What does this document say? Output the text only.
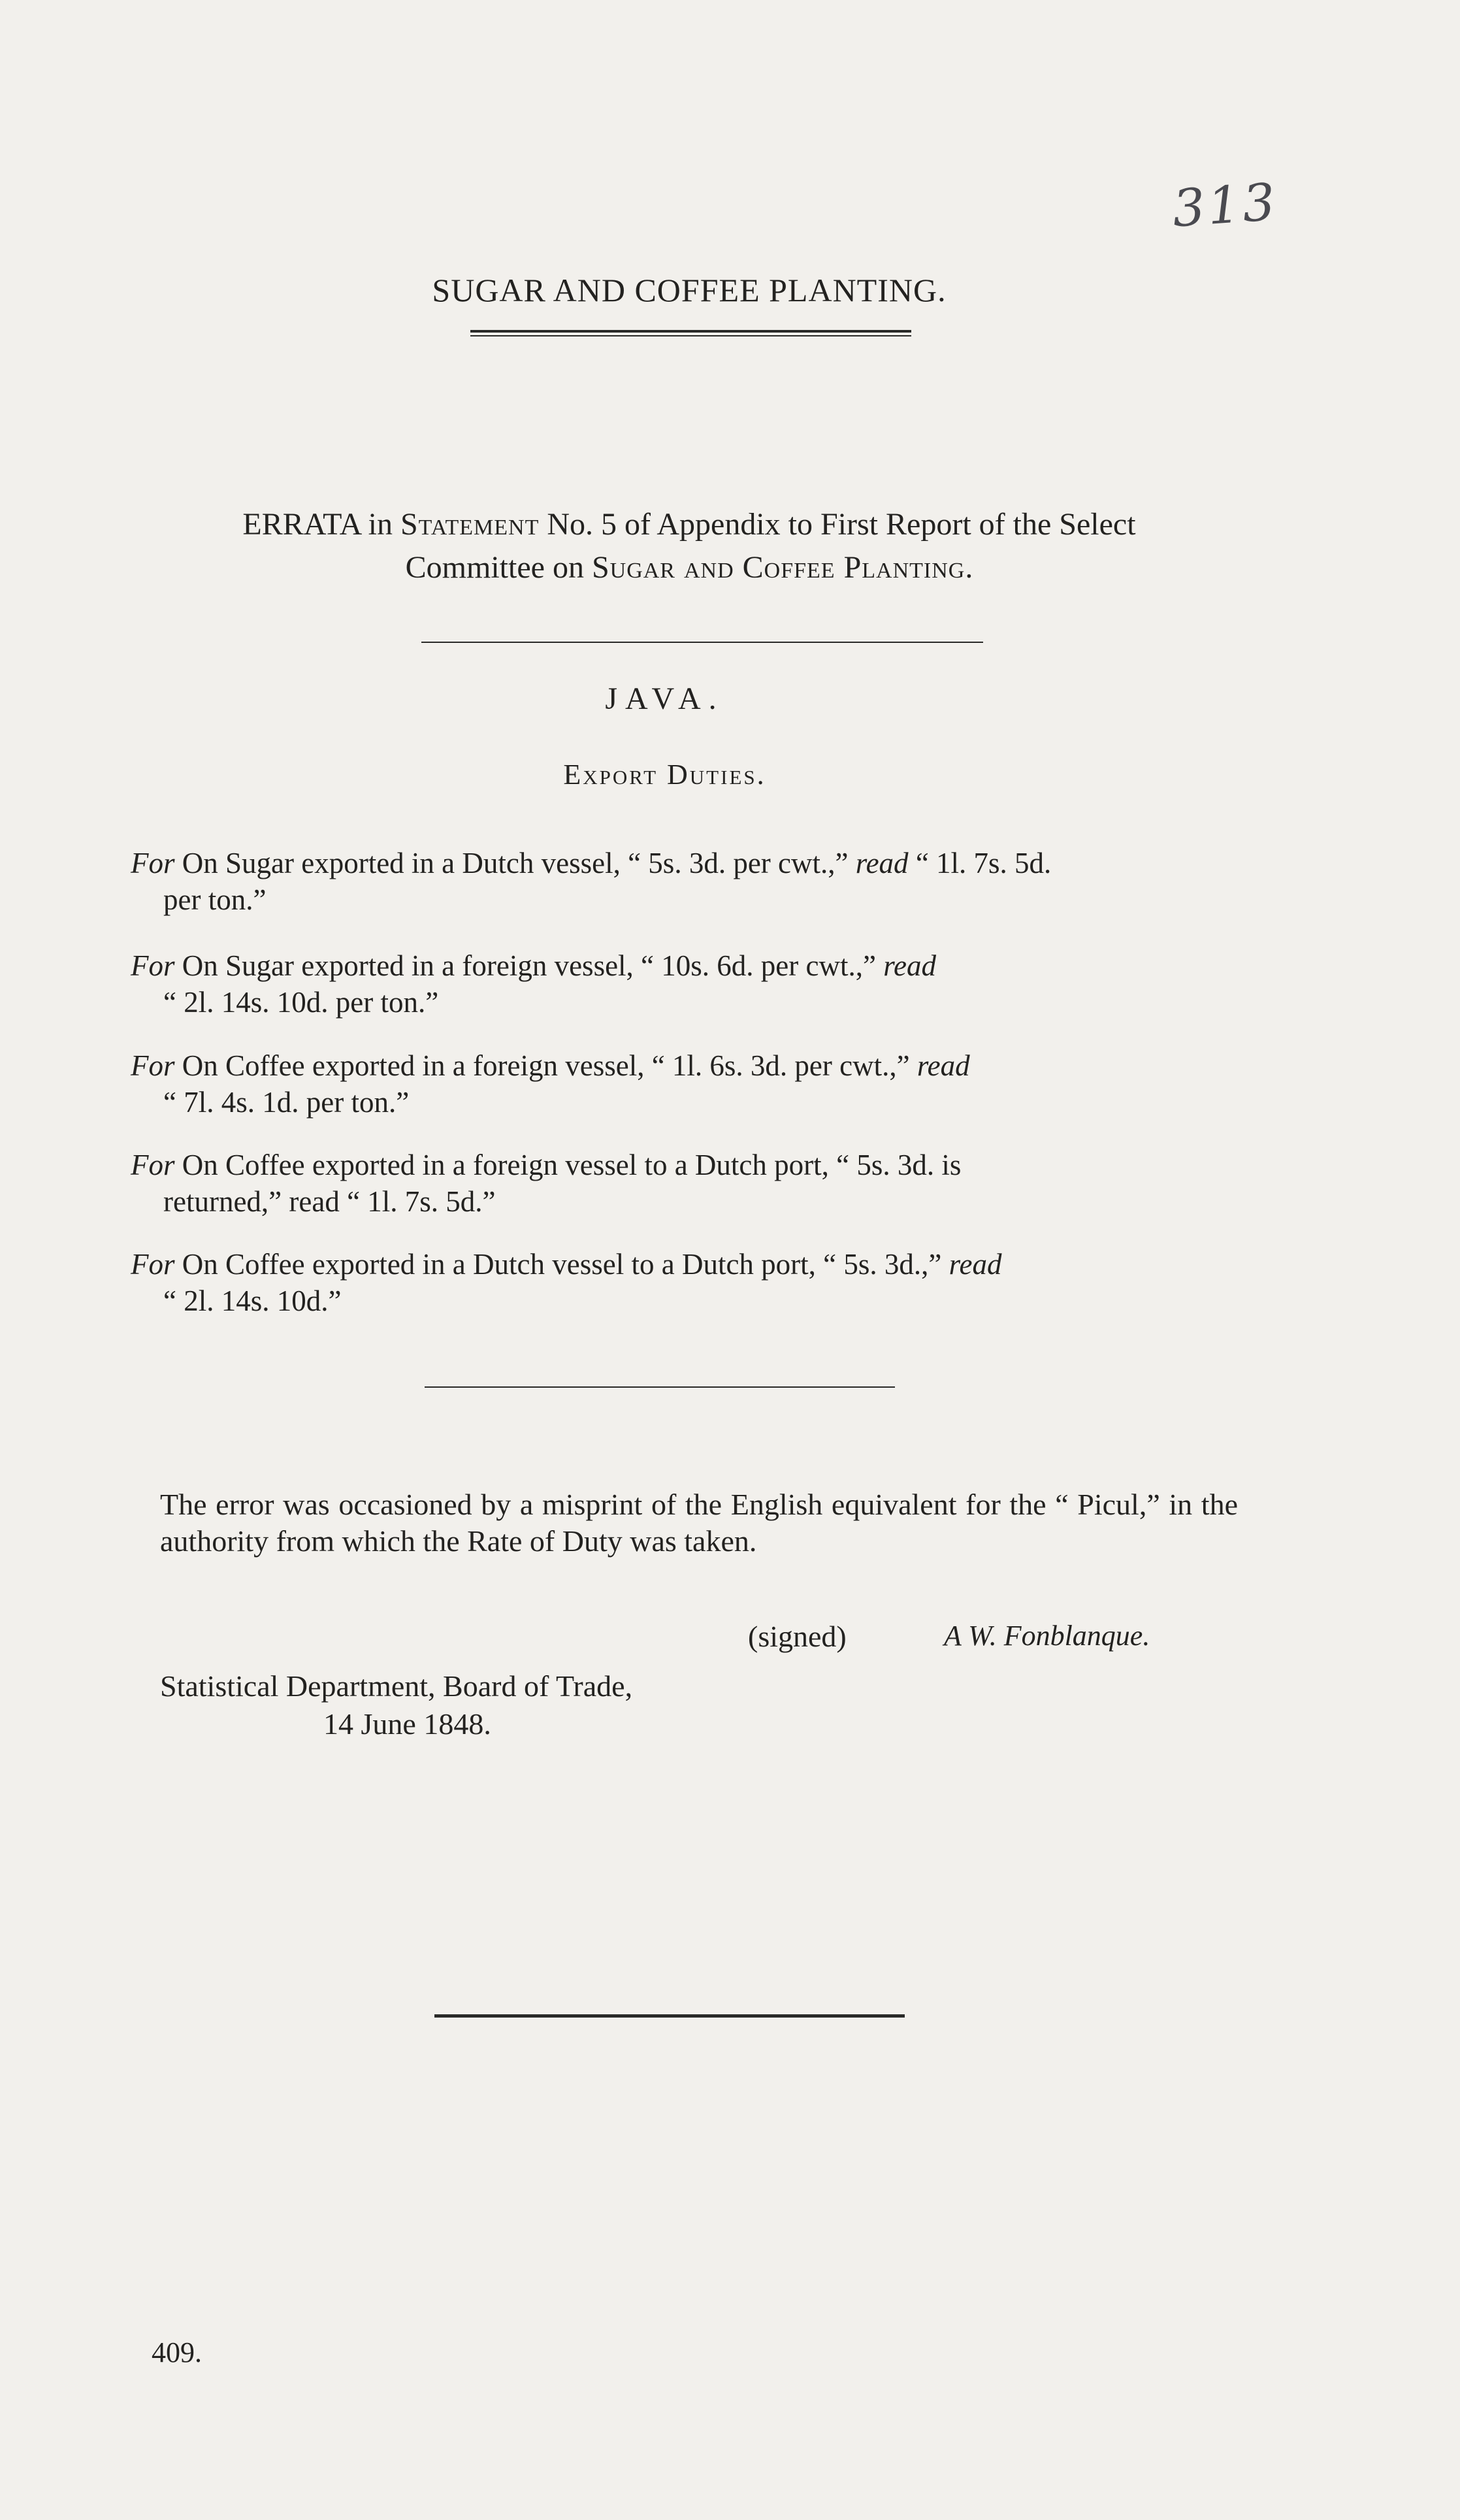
313
SUGAR AND COFFEE PLANTING.
ERRATA in Statement No. 5 of Appendix to First Report of the Select
Committee on Sugar and Coffee Planting.
JAVA.
Export Duties.
For On Sugar exported in a Dutch vessel, “ 5s. 3d. per cwt.,” read “ 1l. 7s. 5d.
per ton.”
For On Sugar exported in a foreign vessel, “ 10s. 6d. per cwt.,” read
“ 2l. 14s. 10d. per ton.”
For On Coffee exported in a foreign vessel, “ 1l. 6s. 3d. per cwt.,” read
“ 7l. 4s. 1d. per ton.”
For On Coffee exported in a foreign vessel to a Dutch port, “ 5s. 3d. is
returned,” read “ 1l. 7s. 5d.”
For On Coffee exported in a Dutch vessel to a Dutch port, “ 5s. 3d.,” read
“ 2l. 14s. 10d.”
The error was occasioned by a misprint of the English equivalent for the “ Picul,” in the authority from which the Rate of Duty was taken.
(signed)	A W. Fonblanque.
Statistical Department, Board of Trade,
14 June 1848.
409.
